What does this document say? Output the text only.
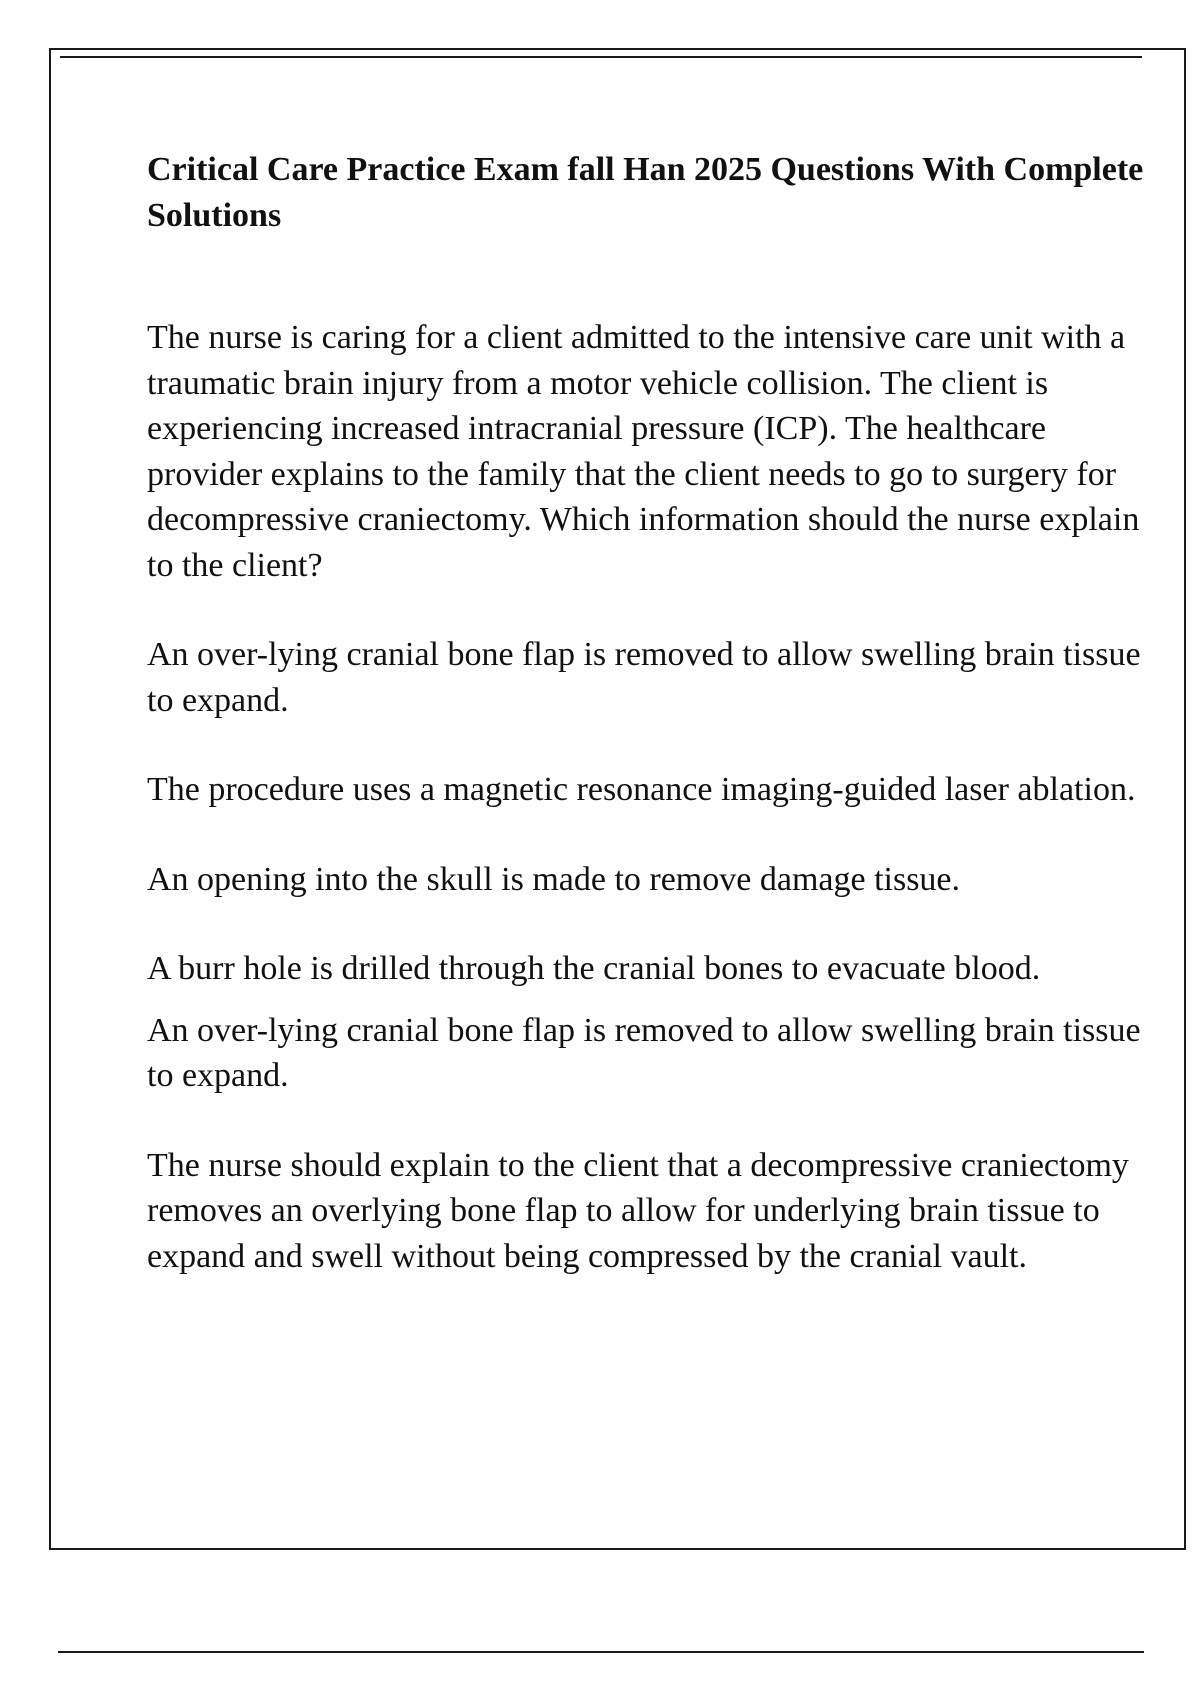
Critical Care Practice Exam fall Han 2025 Questions With Complete Solutions

The nurse is caring for a client admitted to the intensive care unit with a traumatic brain injury from a motor vehicle collision. The client is experiencing increased intracranial pressure (ICP). The healthcare provider explains to the family that the client needs to go to surgery for decompressive craniectomy. Which information should the nurse explain to the client?

An over-lying cranial bone flap is removed to allow swelling brain tissue to expand.

The procedure uses a magnetic resonance imaging-guided laser ablation.

An opening into the skull is made to remove damage tissue.

A burr hole is drilled through the cranial bones to evacuate blood.

An over-lying cranial bone flap is removed to allow swelling brain tissue to expand.

The nurse should explain to the client that a decompressive craniectomy removes an overlying bone flap to allow for underlying brain tissue to expand and swell without being compressed by the cranial vault.
